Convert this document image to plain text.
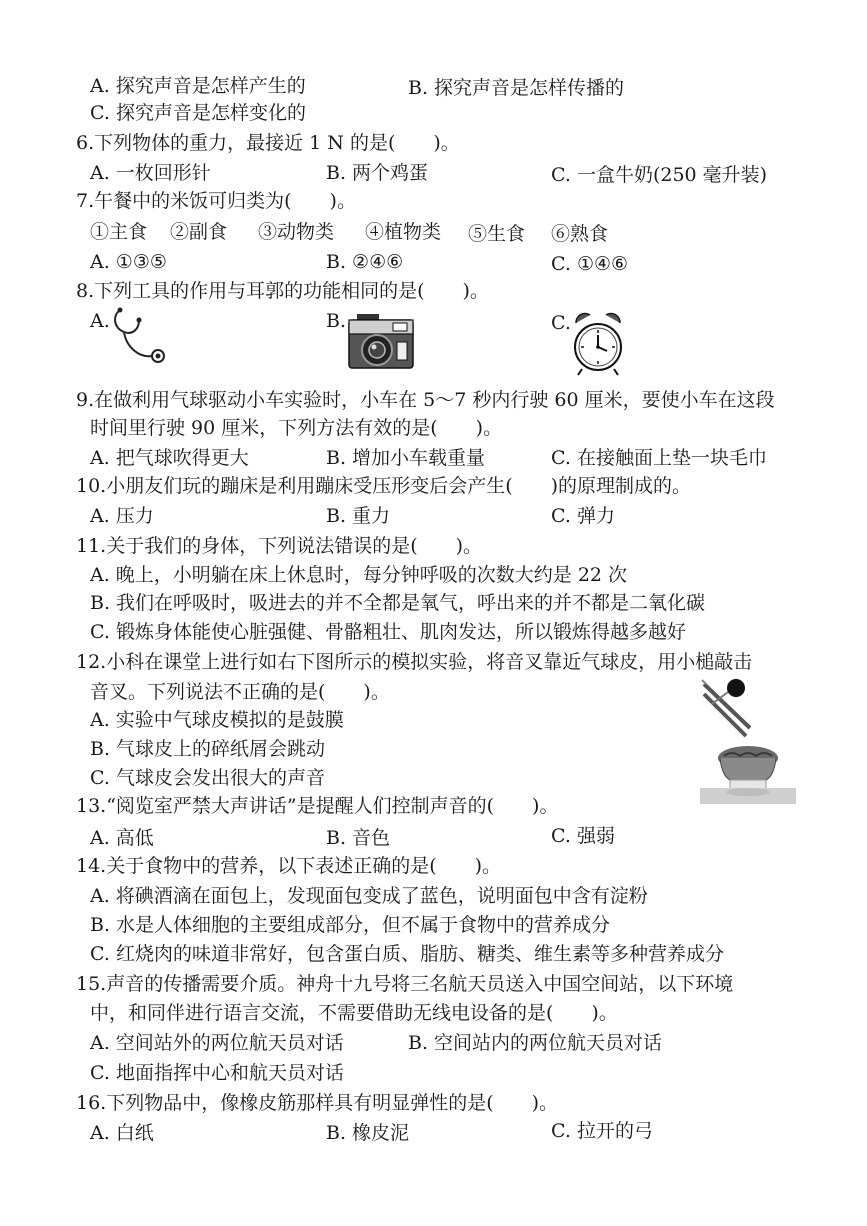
A. 探究声音是怎样产生的	B. 探究声音是怎样传播的
C. 探究声音是怎样变化的
6.下列物体的重力，最接近 1 N 的是(　　)。
A. 一枚回形针	B. 两个鸡蛋	C. 一盒牛奶(250 毫升装)
7.午餐中的米饭可归类为(　　)。
①主食 ②副食 ③动物类 ④植物类 ⑤生食 ⑥熟食
A. ①③⑤	B. ②④⑥	C. ①④⑥
8.下列工具的作用与耳郭的功能相同的是(　　)。
A.	B.	C.
9.在做利用气球驱动小车实验时，小车在 5～7 秒内行驶 60 厘米，要使小车在这段
时间里行驶 90 厘米，下列方法有效的是(　　)。
A. 把气球吹得更大	B. 增加小车载重量	C. 在接触面上垫一块毛巾
10.小朋友们玩的蹦床是利用蹦床受压形变后会产生(　　)的原理制成的。
A. 压力	B. 重力	C. 弹力
11.关于我们的身体，下列说法错误的是(　　)。
A. 晚上，小明躺在床上休息时，每分钟呼吸的次数大约是 22 次
B. 我们在呼吸时，吸进去的并不全都是氧气，呼出来的并不都是二氧化碳
C. 锻炼身体能使心脏强健、骨骼粗壮、肌肉发达，所以锻炼得越多越好
12.小科在课堂上进行如右下图所示的模拟实验，将音叉靠近气球皮，用小槌敲击
音叉。下列说法不正确的是(　　)。
A. 实验中气球皮模拟的是鼓膜
B. 气球皮上的碎纸屑会跳动
C. 气球皮会发出很大的声音
13.“阅览室严禁大声讲话”是提醒人们控制声音的(　　)。
A. 高低	B. 音色	C. 强弱
14.关于食物中的营养，以下表述正确的是(　　)。
A. 将碘酒滴在面包上，发现面包变成了蓝色，说明面包中含有淀粉
B. 水是人体细胞的主要组成部分，但不属于食物中的营养成分
C. 红烧肉的味道非常好，包含蛋白质、脂肪、糖类、维生素等多种营养成分
15.声音的传播需要介质。神舟十九号将三名航天员送入中国空间站，以下环境
中，和同伴进行语言交流，不需要借助无线电设备的是(　　)。
A. 空间站外的两位航天员对话	B. 空间站内的两位航天员对话
C. 地面指挥中心和航天员对话
16.下列物品中，像橡皮筋那样具有明显弹性的是(　　)。
A. 白纸	B. 橡皮泥	C. 拉开的弓
